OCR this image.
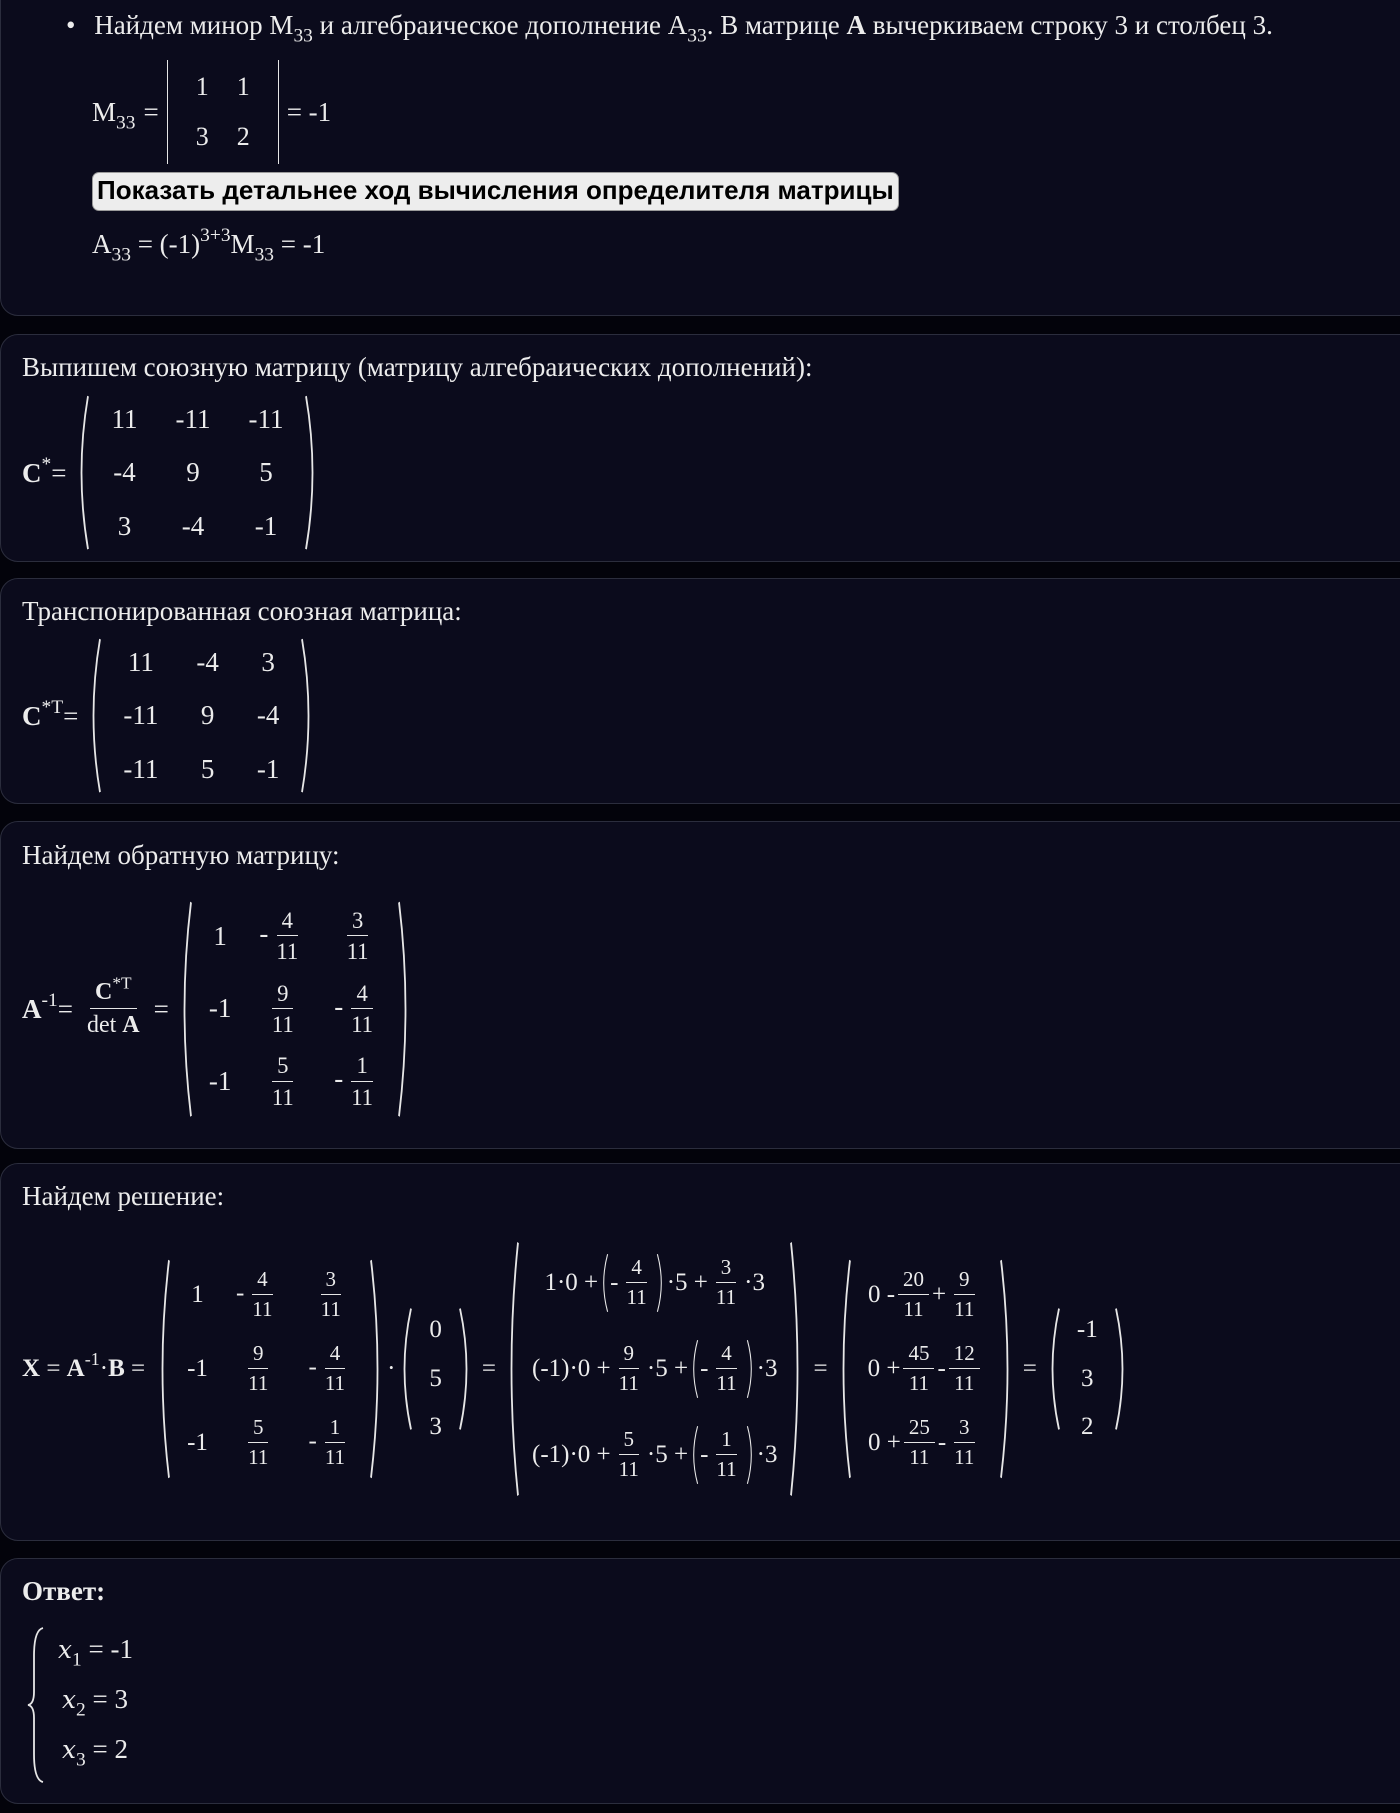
• Найдем минор $M_{33}$ и алгебраическое дополнение $A_{33}$. В матрице A вычеркиваем строку 3 и столбец 3.
$M_{33}$ =
1	1
3	2
= -1
Показать детальнее ход вычисления определителя матрицы
$A_{33} = (-1)^{3+3}M_{33} = -1$
Выпишем союзную матрицу (матрицу алгебраических дополнений):
C* =
11	-11	-11
-4	9	5
3	-4	-1
Транспонированная союзная матрица:
$C^{*T}$ =
11	-4	3
-11	9	-4
-11	5	-1
Найдем обратную матрицу:
$A^{-1} = \frac{C^{*T}}{\text{det A}}$ =
1	- $\frac{4}{11}$	$\frac{3}{11}$

-1	$\frac{9}{11}$	- $\frac{4}{11}$

-1	$\frac{5}{11}$	- $\frac{1}{11}$
Найдем решение:
$X = A^{-1}\cdot B$ =
1	- $\frac{4}{11}$	$\frac{3}{11}$

-1	$\frac{9}{11}$	- $\frac{4}{11}$

-1	$\frac{5}{11}$	- $\frac{1}{11}$
·
0
5
3
=
1·0 + - $\frac{4}{11} \cdot 5 + \frac{3}{11} \cdot 3$

$(-1)\cdot 0 + \frac{9}{11} \cdot 5$ + - $\frac{4}{11} \cdot 3$

$(-1)\cdot 0 + \frac{5}{11} \cdot 5$ + - $\frac{1}{11} \cdot 3$
=
$0 - \frac{20}{11} + \frac{9}{11}$

$0 + \frac{45}{11} - \frac{12}{11}$

$0 + \frac{25}{11} - \frac{3}{11}$
=
-1
3
2
Ответ:
$x_1 = -1$
$x_2 = 3$
$x_3 = 2$
